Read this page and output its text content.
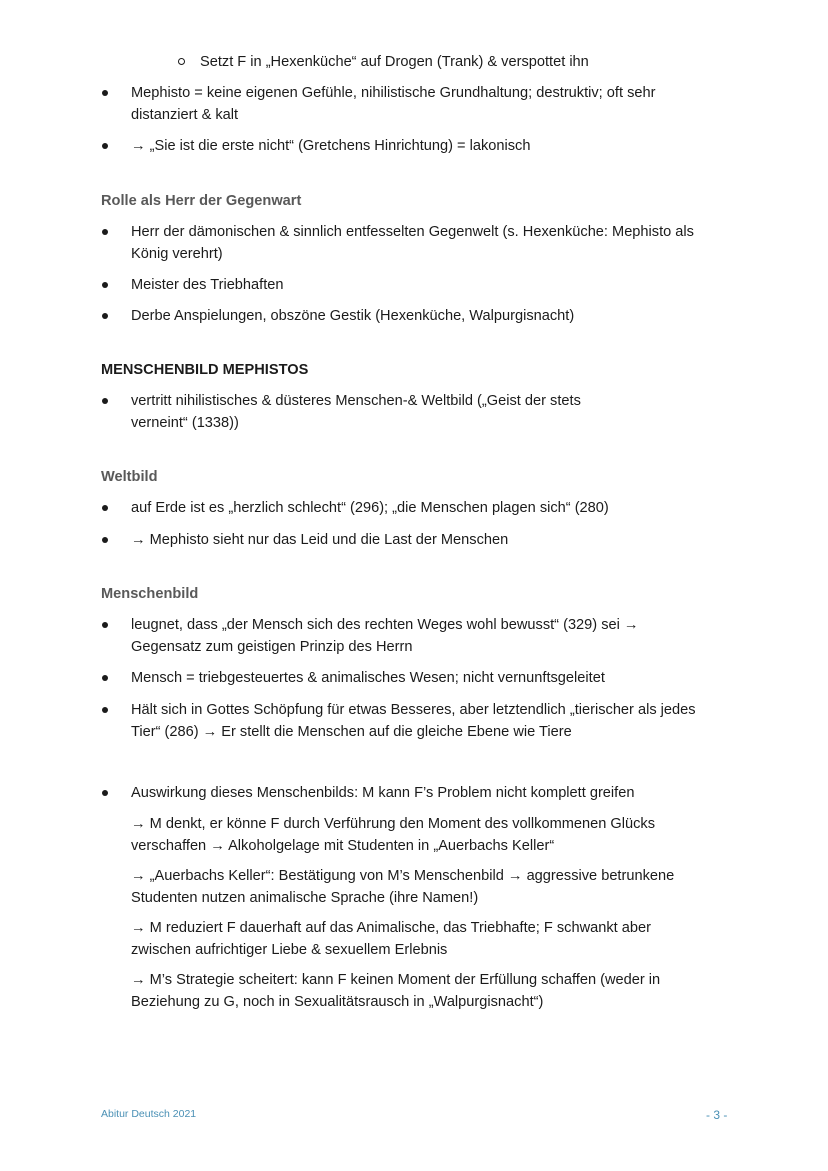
Setzt F in „Hexenküche“ auf Drogen (Trank) & verspottet ihn
Mephisto = keine eigenen Gefühle, nihilistische Grundhaltung; destruktiv; oft sehr
distanziert & kalt
→ „Sie ist die erste nicht“ (Gretchens Hinrichtung) = lakonisch
Rolle als Herr der Gegenwart
Herr der dämonischen & sinnlich entfesselten Gegenwelt (s. Hexenküche: Mephisto als
König verehrt)
Meister des Triebhaften
Derbe Anspielungen, obszöne Gestik (Hexenküche, Walpurgisnacht)
MENSCHENBILD MEPHISTOS
vertritt nihilistisches & düsteres Menschen-& Weltbild („Geist der stets
verneint“ (1338))
Weltbild
auf Erde ist es „herzlich schlecht“ (296); „die Menschen plagen sich“ (280)
→ Mephisto sieht nur das Leid und die Last der Menschen
Menschenbild
leugnet, dass „der Mensch sich des rechten Weges wohl bewusst“ (329) sei →
Gegensatz zum geistigen Prinzip des Herrn
Mensch = triebgesteuertes & animalisches Wesen; nicht vernunftsgeleitet
Hält sich in Gottes Schöpfung für etwas Besseres, aber letztendlich „tierischer als jedes
Tier“ (286) → Er stellt die Menschen auf die gleiche Ebene wie Tiere
Auswirkung dieses Menschenbilds: M kann F’s Problem nicht komplett greifen
→ M denkt, er könne F durch Verführung den Moment des vollkommenen Glücks
verschaffen → Alkoholgelage mit Studenten in „Auerbachs Keller“
→ „Auerbachs Keller“: Bestätigung von M’s Menschenbild → aggressive betrunkene
Studenten nutzen animalische Sprache (ihre Namen!)
→ M reduziert F dauerhaft auf das Animalische, das Triebhafte; F schwankt aber
zwischen aufrichtiger Liebe & sexuellem Erlebnis
→ M’s Strategie scheitert: kann F keinen Moment der Erfüllung schaffen (weder in
Beziehung zu G, noch in Sexualitätsrausch in „Walpurgisnacht“)
Abitur Deutsch 2021	- 3 -
